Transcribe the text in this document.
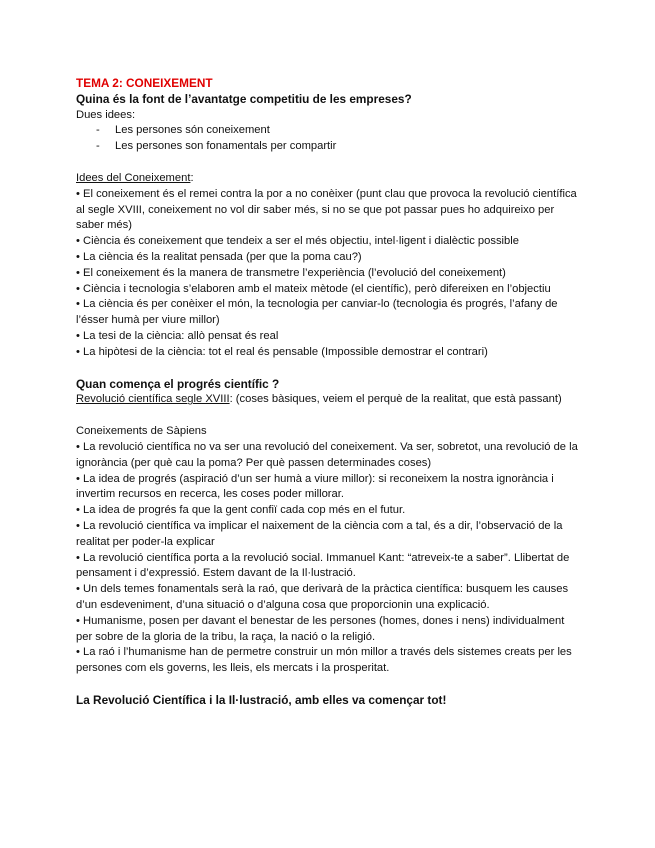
TEMA 2: CONEIXEMENT
Quina és la font de l’avantatge competitiu de les empreses?
Dues idees:
-	Les persones són coneixement
-	Les persones son fonamentals per compartir
Idees del Coneixement:

• El coneixement és el remei contra la por a no conèixer (punt clau que provoca la revolució científica al segle XVIII, coneixement no vol dir saber més, si no se que pot passar pues ho adquireixo per saber més)

• Ciència és coneixement que tendeix a ser el més objectiu, intel·ligent i dialèctic possible

• La ciència és la realitat pensada (per que la poma cau?)

• El coneixement és la manera de transmetre l’experiència (l’evolució del coneixement)

• Ciència i tecnologia s’elaboren amb el mateix mètode (el científic), però difereixen en l’objectiu

• La ciència és per conèixer el món, la tecnologia per canviar-lo (tecnologia és progrés, l’afany de l’ésser humà per viure millor)

• La tesi de la ciència: allò pensat és real

• La hipòtesi de la ciència: tot el real és pensable (Impossible demostrar el contrari)

Quan comença el progrés científic ?
Revolució científica segle XVIII: (coses bàsiques, veiem el perquè de la realitat, que està passant)
Coneixements de Sàpiens

• La revolució científica no va ser una revolució del coneixement. Va ser, sobretot, una revolució de la ignorància (per què cau la poma? Per què passen determinades coses)

• La idea de progrés (aspiració d’un ser humà a viure millor): si reconeixem la nostra ignorància i invertim recursos en recerca, les coses poder millorar.

• La idea de progrés fa que la gent confiï cada cop més en el futur.

• La revolució científica va implicar el naixement de la ciència com a tal, és a dir, l’observació de la realitat per poder-la explicar

• La revolució científica porta a la revolució social. Immanuel Kant: “atreveix-te a saber”. Llibertat de pensament i d’expressió. Estem davant de la Il·lustració.

• Un dels temes fonamentals serà la raó, que derivarà de la pràctica científica: busquem les causes d’un esdeveniment, d’una situació o d’alguna cosa que proporcionin una explicació.

• Humanisme, posen per davant el benestar de les persones (homes, dones i nens) individualment per sobre de la gloria de la tribu, la raça, la nació o la religió.

• La raó i l’humanisme han de permetre construir un món millor a través dels sistemes creats per les persones com els governs, les lleis, els mercats i la prosperitat.

La Revolució Científica i la Il·lustració, amb elles va començar tot!
